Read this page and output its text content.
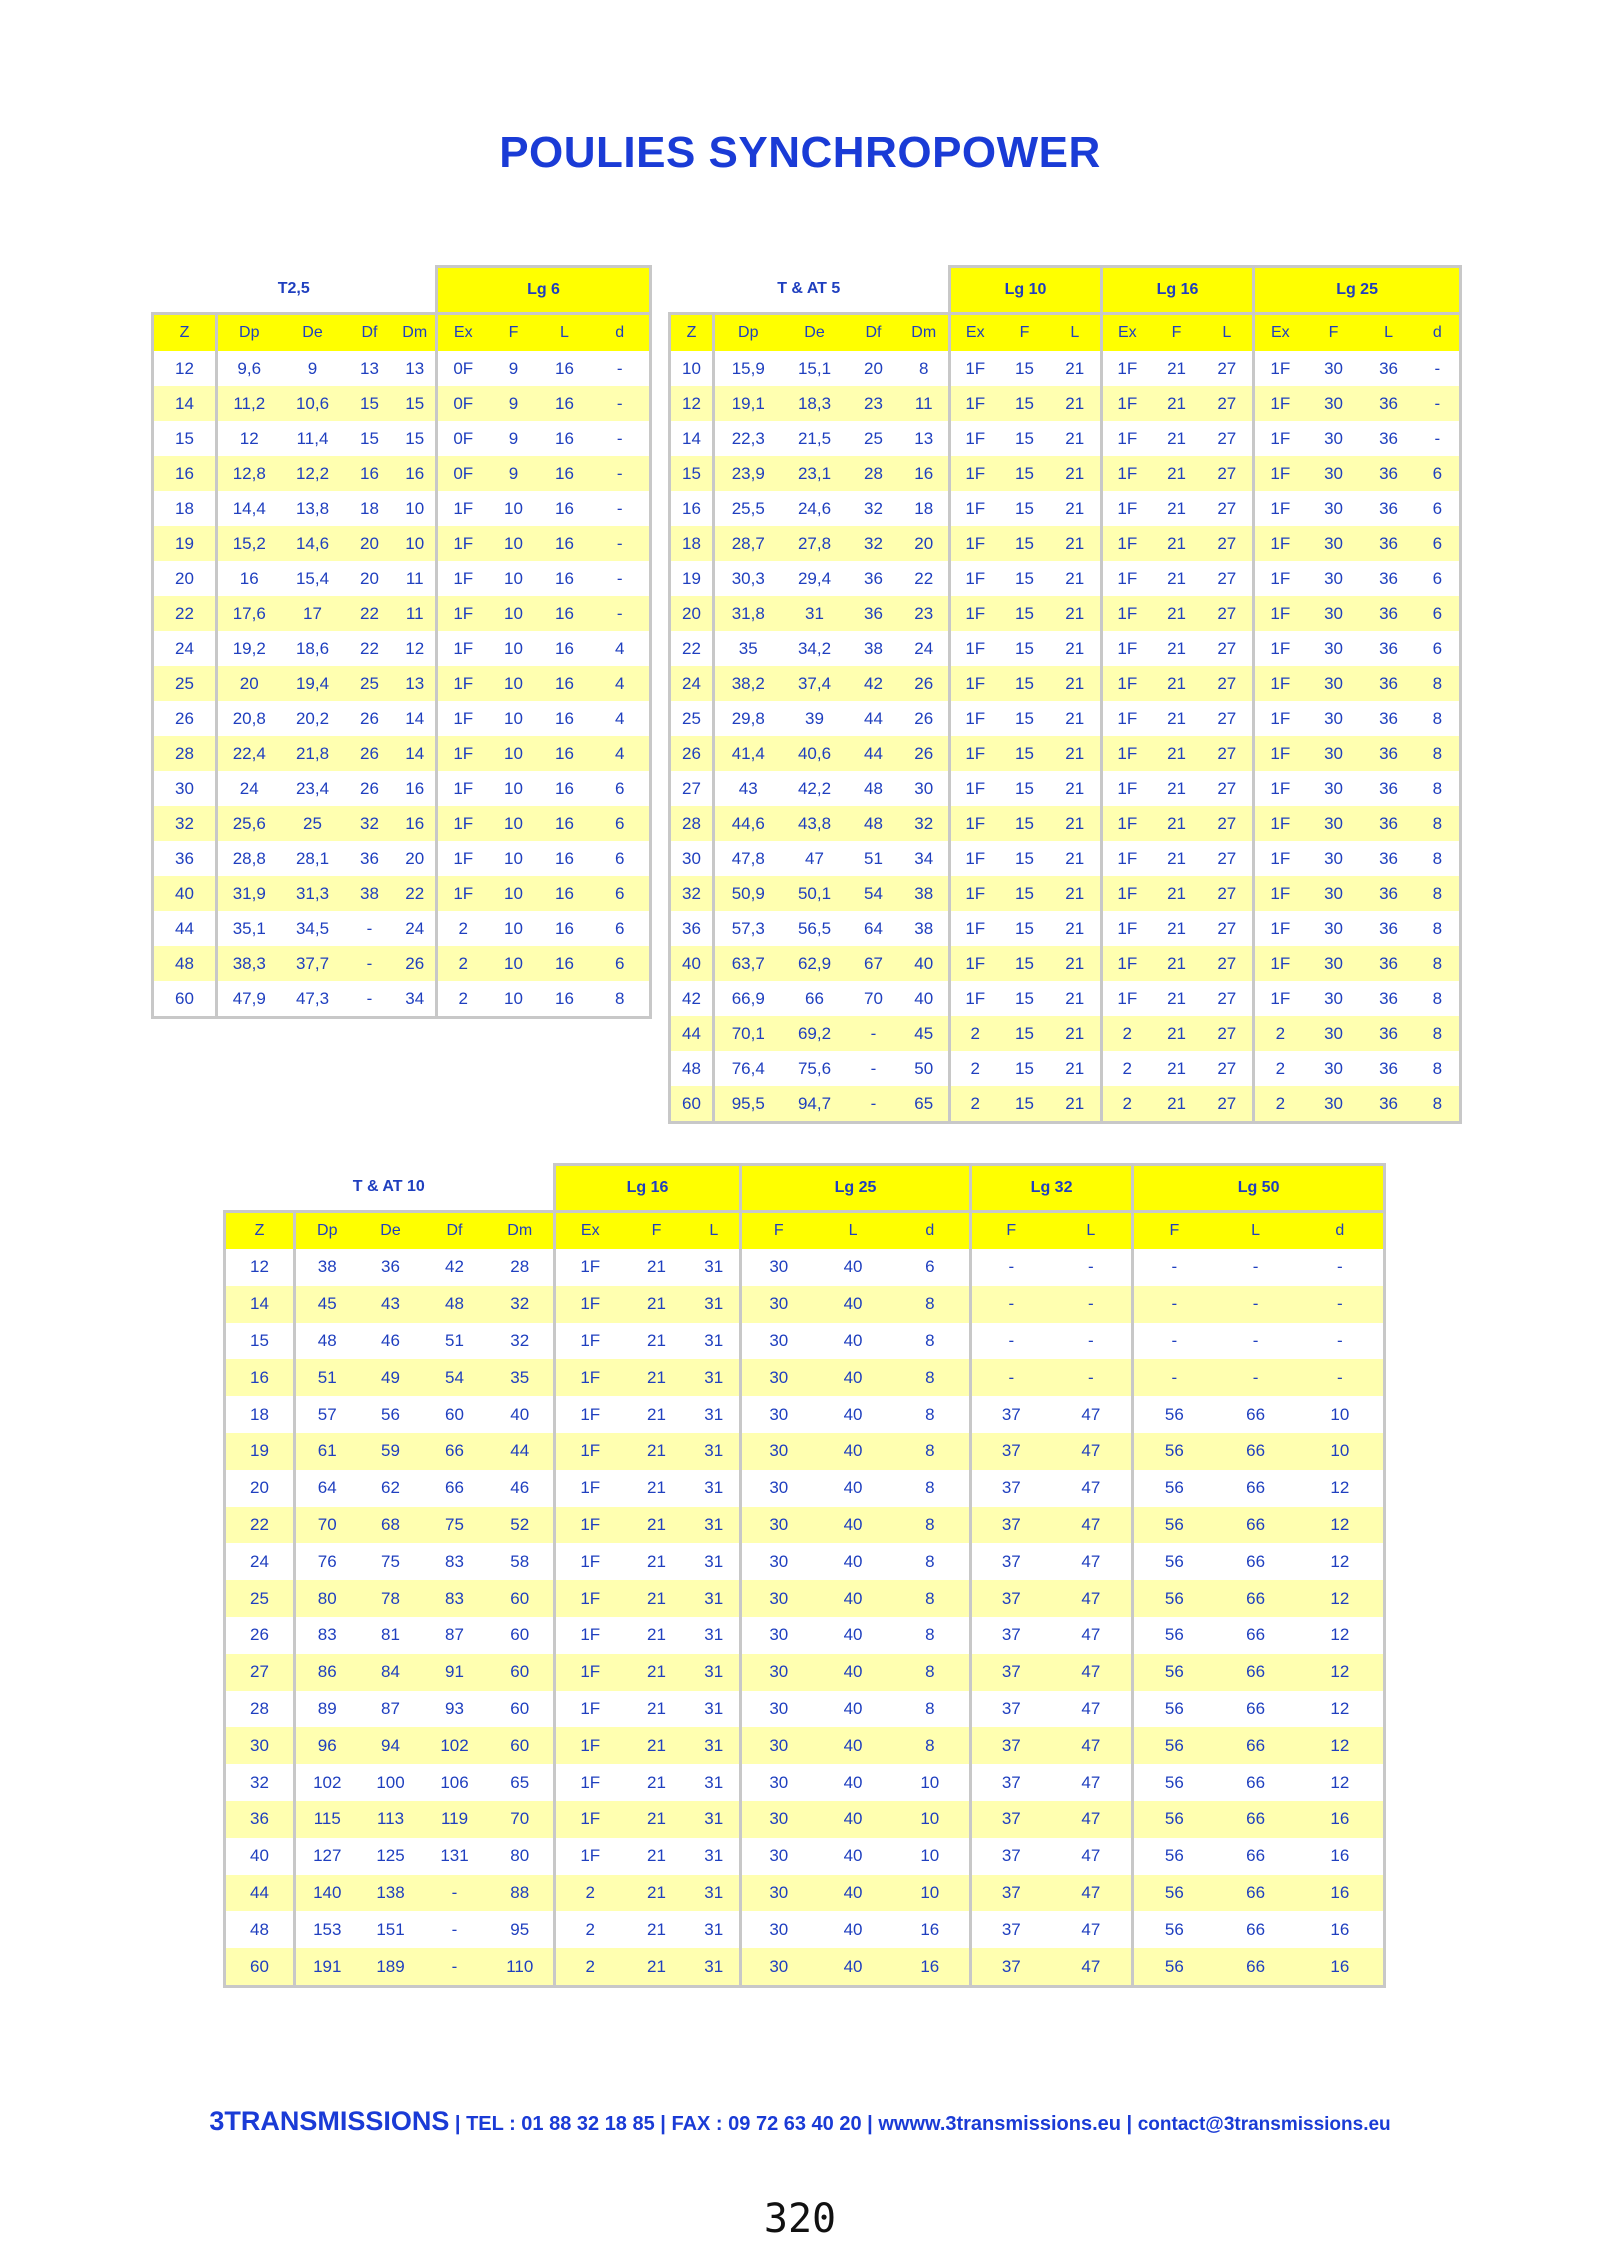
POULIES SYNCHROPOWER
T2,5					Lg 6			
Z	Dp	De	Df	Dm	Ex	F	L	d
12	9,6	9	13	13	0F	9	16	-
14	11,2	10,6	15	15	0F	9	16	-
15	12	11,4	15	15	0F	9	16	-
16	12,8	12,2	16	16	0F	9	16	-
18	14,4	13,8	18	10	1F	10	16	-
19	15,2	14,6	20	10	1F	10	16	-
20	16	15,4	20	11	1F	10	16	-
22	17,6	17	22	11	1F	10	16	-
24	19,2	18,6	22	12	1F	10	16	4
25	20	19,4	25	13	1F	10	16	4
26	20,8	20,2	26	14	1F	10	16	4
28	22,4	21,8	26	14	1F	10	16	4
30	24	23,4	26	16	1F	10	16	6
32	25,6	25	32	16	1F	10	16	6
36	28,8	28,1	36	20	1F	10	16	6
40	31,9	31,3	38	22	1F	10	16	6
44	35,1	34,5	-	24	2	10	16	6
48	38,3	37,7	-	26	2	10	16	6
60	47,9	47,3	-	34	2	10	16	8
T & AT 5					Lg 10			Lg 16			Lg 25			
Z	Dp	De	Df	Dm	Ex	F	L	Ex	F	L	Ex	F	L	d
10	15,9	15,1	20	8	1F	15	21	1F	21	27	1F	30	36	-
12	19,1	18,3	23	11	1F	15	21	1F	21	27	1F	30	36	-
14	22,3	21,5	25	13	1F	15	21	1F	21	27	1F	30	36	-
15	23,9	23,1	28	16	1F	15	21	1F	21	27	1F	30	36	6
16	25,5	24,6	32	18	1F	15	21	1F	21	27	1F	30	36	6
18	28,7	27,8	32	20	1F	15	21	1F	21	27	1F	30	36	6
19	30,3	29,4	36	22	1F	15	21	1F	21	27	1F	30	36	6
20	31,8	31	36	23	1F	15	21	1F	21	27	1F	30	36	6
22	35	34,2	38	24	1F	15	21	1F	21	27	1F	30	36	6
24	38,2	37,4	42	26	1F	15	21	1F	21	27	1F	30	36	8
25	29,8	39	44	26	1F	15	21	1F	21	27	1F	30	36	8
26	41,4	40,6	44	26	1F	15	21	1F	21	27	1F	30	36	8
27	43	42,2	48	30	1F	15	21	1F	21	27	1F	30	36	8
28	44,6	43,8	48	32	1F	15	21	1F	21	27	1F	30	36	8
30	47,8	47	51	34	1F	15	21	1F	21	27	1F	30	36	8
32	50,9	50,1	54	38	1F	15	21	1F	21	27	1F	30	36	8
36	57,3	56,5	64	38	1F	15	21	1F	21	27	1F	30	36	8
40	63,7	62,9	67	40	1F	15	21	1F	21	27	1F	30	36	8
42	66,9	66	70	40	1F	15	21	1F	21	27	1F	30	36	8
44	70,1	69,2	-	45	2	15	21	2	21	27	2	30	36	8
48	76,4	75,6	-	50	2	15	21	2	21	27	2	30	36	8
60	95,5	94,7	-	65	2	15	21	2	21	27	2	30	36	8
T & AT 10					Lg 16			Lg 25			Lg 32		Lg 50		
Z	Dp	De	Df	Dm	Ex	F	L	F	L	d	F	L	F	L	d
12	38	36	42	28	1F	21	31	30	40	6	-	-	-	-	-
14	45	43	48	32	1F	21	31	30	40	8	-	-	-	-	-
15	48	46	51	32	1F	21	31	30	40	8	-	-	-	-	-
16	51	49	54	35	1F	21	31	30	40	8	-	-	-	-	-
18	57	56	60	40	1F	21	31	30	40	8	37	47	56	66	10
19	61	59	66	44	1F	21	31	30	40	8	37	47	56	66	10
20	64	62	66	46	1F	21	31	30	40	8	37	47	56	66	12
22	70	68	75	52	1F	21	31	30	40	8	37	47	56	66	12
24	76	75	83	58	1F	21	31	30	40	8	37	47	56	66	12
25	80	78	83	60	1F	21	31	30	40	8	37	47	56	66	12
26	83	81	87	60	1F	21	31	30	40	8	37	47	56	66	12
27	86	84	91	60	1F	21	31	30	40	8	37	47	56	66	12
28	89	87	93	60	1F	21	31	30	40	8	37	47	56	66	12
30	96	94	102	60	1F	21	31	30	40	8	37	47	56	66	12
32	102	100	106	65	1F	21	31	30	40	10	37	47	56	66	12
36	115	113	119	70	1F	21	31	30	40	10	37	47	56	66	16
40	127	125	131	80	1F	21	31	30	40	10	37	47	56	66	16
44	140	138	-	88	2	21	31	30	40	10	37	47	56	66	16
48	153	151	-	95	2	21	31	30	40	16	37	47	56	66	16
60	191	189	-	110	2	21	31	30	40	16	37	47	56	66	16
3TRANSMISSIONS | TEL : 01 88 32 18 85 | FAX : 09 72 63 40 20 | wwww.3transmissions.eu | contact@3transmissions.eu
320
